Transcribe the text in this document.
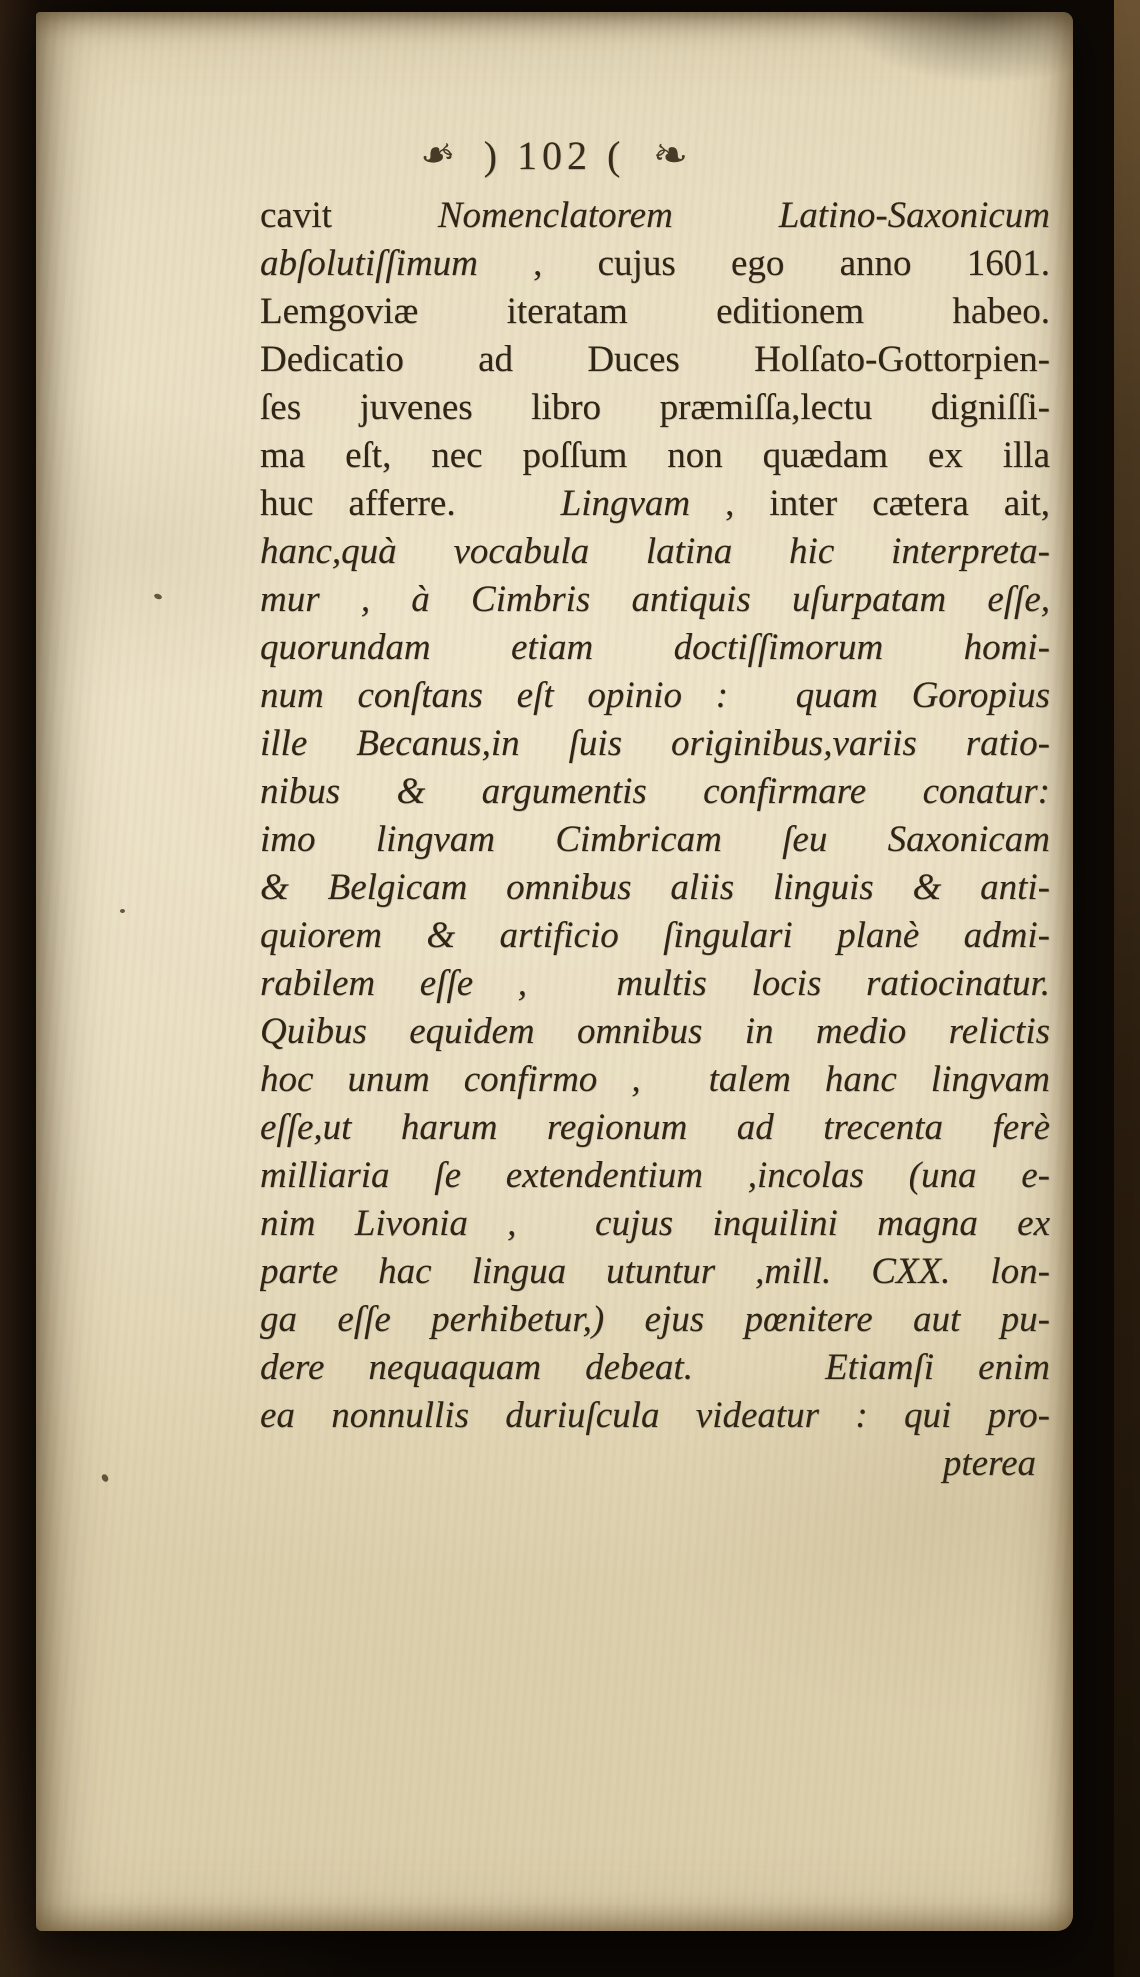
❧ ) 102 ( ❧
cavit Nomenclatorem Latino-Saxonicum
abſolutiſſimum , cujus ego anno 1601.
Lemgoviæ iteratam editionem habeo.
Dedicatio ad Duces Holſato-Gottorpien-
ſes juvenes libro præmiſſa,lectu digniſſi-
ma eſt, nec poſſum non quædam ex illa
huc afferre.   Lingvam , inter cætera ait,
hanc,quà vocabula latina hic interpreta-
mur , à Cimbris antiquis uſurpatam eſſe,
quorundam etiam doctiſſimorum homi-
num conſtans eſt opinio :  quam Goropius
ille Becanus,in ſuis originibus,variis ratio-
nibus & argumentis confirmare conatur:
imo lingvam Cimbricam ſeu Saxonicam
& Belgicam omnibus aliis linguis & anti-
quiorem & artificio ſingulari planè admi-
rabilem eſſe ,  multis locis ratiocinatur.
Quibus equidem omnibus in medio relictis
hoc unum confirmo ,  talem hanc lingvam
eſſe,ut harum regionum ad trecenta ferè
milliaria ſe extendentium ,incolas (una e-
nim Livonia ,  cujus inquilini magna ex
parte hac lingua utuntur ,mill. CXX. lon-
ga eſſe perhibetur,) ejus pœnitere aut pu-
dere nequaquam debeat.   Etiamſi enim
ea nonnullis duriuſcula videatur : qui pro-
pterea
